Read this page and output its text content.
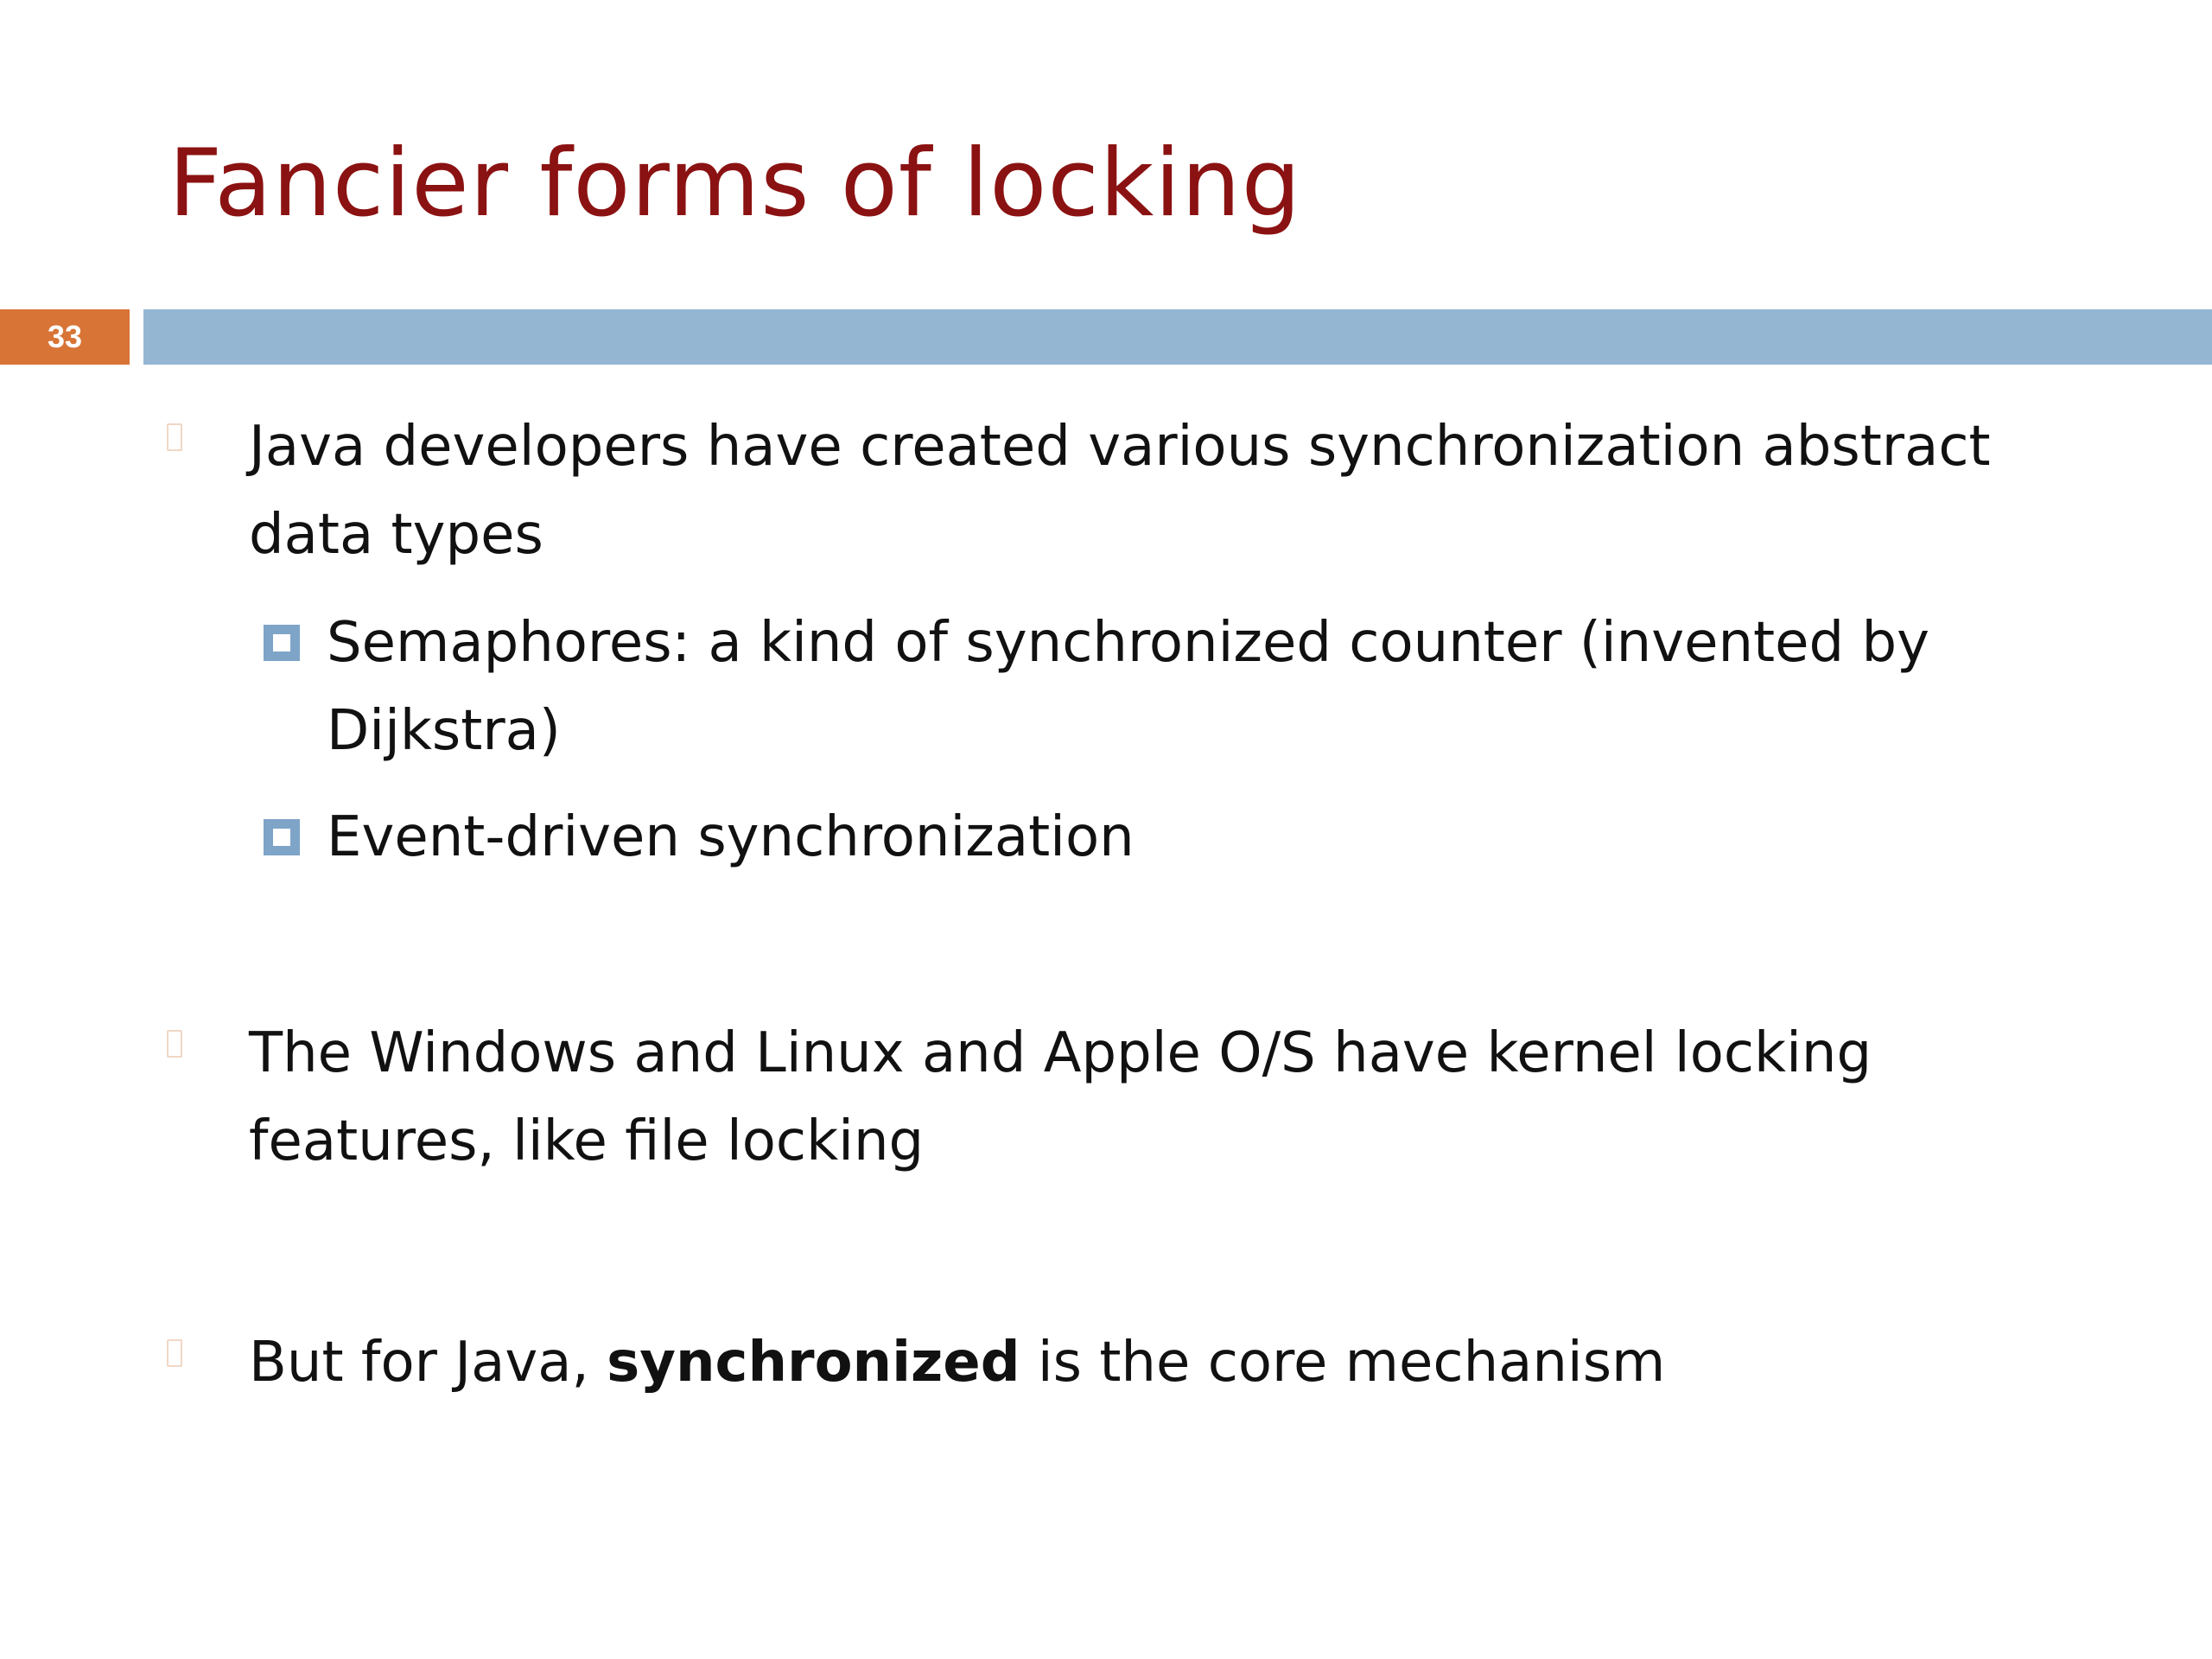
Fancier forms of locking
33
Java developers have created various synchronization abstract data types
Semaphores: a kind of synchronized counter (invented by Dijkstra)
Event-driven synchronization
The Windows and Linux and Apple O/S have kernel locking features, like file locking
But for Java, synchronized is the core mechanism
